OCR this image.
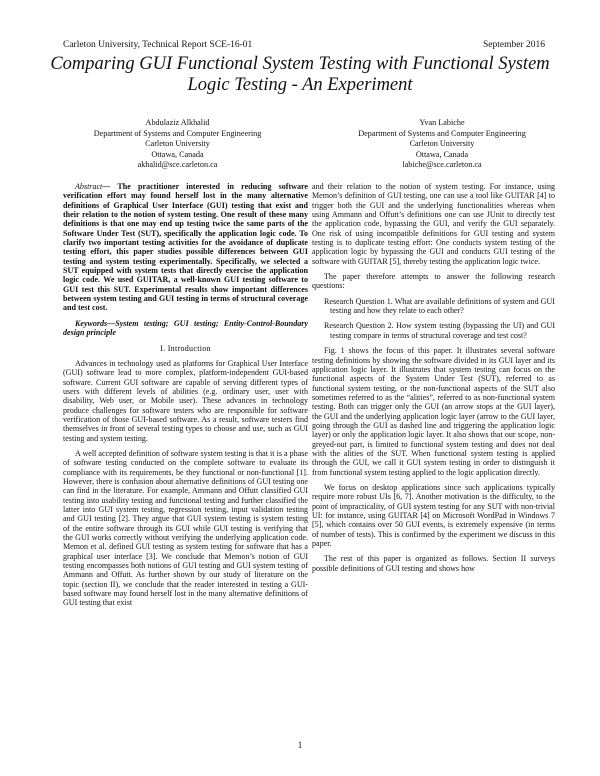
Carleton University, Technical Report SCE-16-01	September 2016
Comparing GUI Functional System Testing with Functional System Logic Testing - An Experiment
Abdulaziz Alkhalid
Department of Systems and Computer Engineering
Carleton University
Ottawa, Canada
akhalid@sce.carleton.ca
Yvan Labiche
Department of Systems and Computer Engineering
Carleton University
Ottawa, Canada
labiche@sce.carleton.ca

Abstract— The practitioner interested in reducing software verification effort may found herself lost in the many alternative definitions of Graphical User Interface (GUI) testing that exist and their relation to the notion of system testing. One result of these many definitions is that one may end up testing twice the same parts of the Software Under Test (SUT), specifically the application logic code. To clarify two important testing activities for the avoidance of duplicate testing effort, this paper studies possible differences between GUI testing and system testing experimentally. Specifically, we selected a SUT equipped with system tests that directly exercise the application logic code. We used GUITAR, a well-known GUI testing software to GUI test this SUT. Experimental results show important differences between system testing and GUI testing in terms of structural coverage and test cost.

Keywords—System testing; GUI testing; Entity-Control-Boundary design principle

I. Introduction

Advances in technology used as platforms for Graphical User Interface (GUI) software lead to more complex, platform-independent GUI-based software. Current GUI software are capable of serving different types of users with different levels of abilities (e.g. ordinary user, user with disability, Web user, or Mobile user). These advances in technology produce challenges for software testers who are responsible for software verification of those GUI-based software. As a result, software testers find themselves in front of several testing types to choose and use, such as GUI testing and system testing.

A well accepted definition of software system testing is that it is a phase of software testing conducted on the complete software to evaluate its compliance with its requirements, be they functional or non-functional [1]. However, there is confusion about alternative definitions of GUI testing one can find in the literature. For example, Ammann and Offutt classified GUI testing into usability testing and functional testing and further classified the latter into GUI system testing, regression testing, input validation testing and GUI testing [2]. They argue that GUI system testing is system testing of the entire software through its GUI while GUI testing is verifying that the GUI works correctly without verifying the underlying application code. Memon et al. defined GUI testing as system testing for software that has a graphical user interface [3]. We conclude that Memon’s notion of GUI testing encompasses both notions of GUI testing and GUI system testing of Ammann and Offutt. As further shown by our study of literature on the topic (section II), we conclude that the reader interested in testing a GUI-based software may found herself lost in the many alternative definitions of GUI testing that exist

and their relation to the notion of system testing. For instance, using Memon’s definition of GUI testing, one can use a tool like GUITAR [4] to trigger both the GUI and the underlying functionalities whereas when using Ammann and Offutt’s definitions one can use JUnit to directly test the application code, bypassing the GUI, and verify the GUI separately. One risk of using incompatible definitions for GUI testing and system testing is to duplicate testing effort: One conducts system testing of the application logic by bypassing the GUI and conducts GUI testing of the software with GUITAR [5], thereby testing the application logic twice.

The paper therefore attempts to answer the following research questions:

Research Question 1. What are available definitions of system and GUI testing and how they relate to each other?

Research Question 2. How system testing (bypassing the UI) and GUI testing compare in terms of structural coverage and test cost?

Fig. 1 shows the focus of this paper. It illustrates several software testing definitions by showing the software divided in its GUI layer and its application logic layer. It illustrates that system testing can focus on the functional aspects of the System Under Test (SUT), referred to as functional system testing, or the non-functional aspects of the SUT also sometimes referred to as the “alities”, referred to as non-functional system testing. Both can trigger only the GUI (an arrow stops at the GUI layer), the GUI and the underlying application logic layer (arrow to the GUI layer, going through the GUI as dashed line and triggering the application logic layer) or only the application logic layer. It also shows that our scope, non-greyed-out part, is limited to functional system testing and does not deal with the alities of the SUT. When functional system testing is applied through the GUI, we call it GUI system testing in order to distinguish it from functional system testing applied to the logic application directly.

We focus on desktop applications since such applications typically require more robust UIs [6, 7]. Another motivation is the difficulty, to the point of impracticality, of GUI system testing for any SUT with non-trivial UI: for instance, using GUITAR [4] on Microsoft WordPad in Windows 7 [5], which contains over 50 GUI events, is extremely expensive (in terms of number of tests). This is confirmed by the experiment we discuss in this paper.

The rest of this paper is organized as follows. Section II surveys possible definitions of GUI testing and shows how

1
